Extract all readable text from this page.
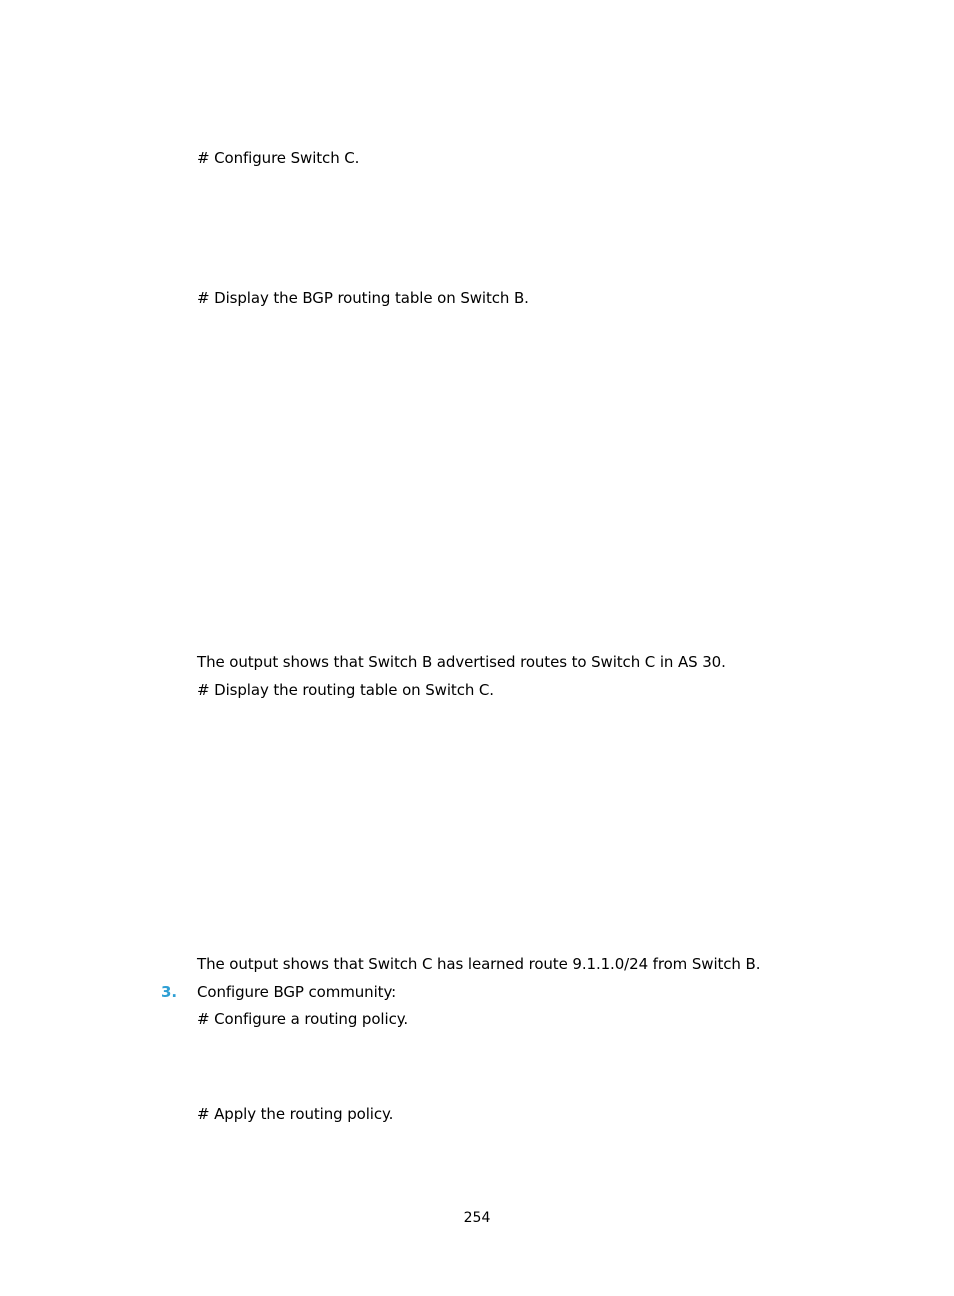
# Configure Switch C.
# Display the BGP routing table on Switch B.
The output shows that Switch B advertised routes to Switch C in AS 30.
# Display the routing table on Switch C.
The output shows that Switch C has learned route 9.1.1.0/24 from Switch B.
3. Configure BGP community:
# Configure a routing policy.
# Apply the routing policy.
254
